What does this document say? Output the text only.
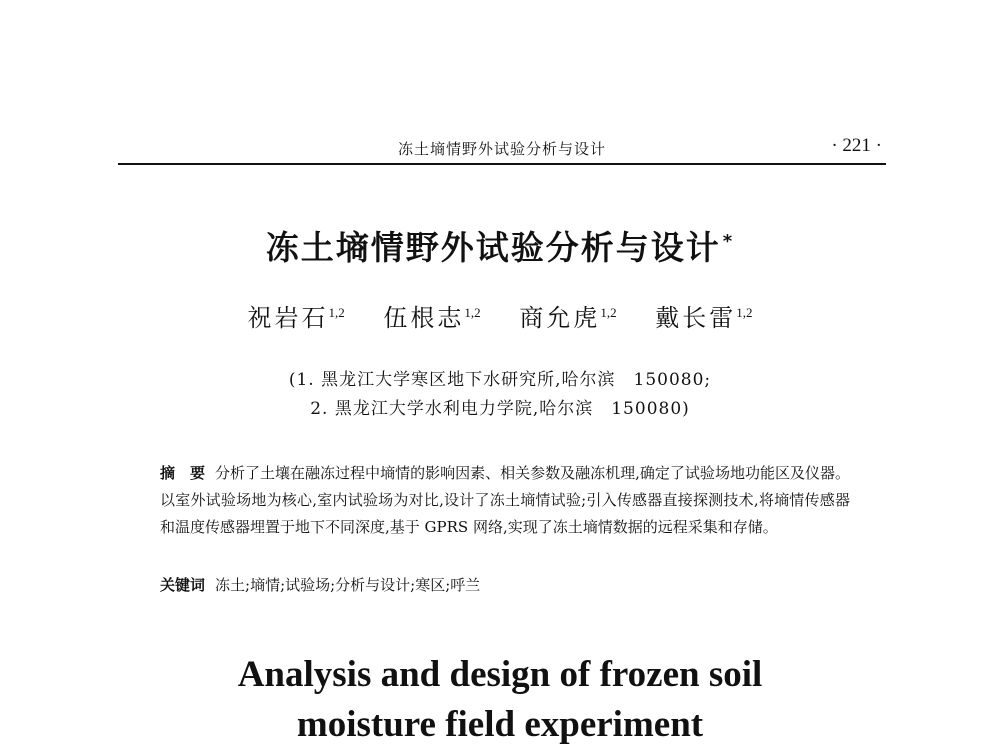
冻土墒情野外试验分析与设计	· 221 ·
冻土墒情野外试验分析与设计 *
祝岩石$^{1,2}$ 伍根志$^{1,2}$ 商允虎$^{1,2}$ 戴长雷$^{1,2}$
(1. 黑龙江大学寒区地下水研究所,哈尔滨　150080;
2. 黑龙江大学水利电力学院,哈尔滨　150080)
摘　要 分析了土壤在融冻过程中墒情的影响因素、相关参数及融冻机理,确定了试验场地功能区及仪器。以室外试验场地为核心,室内试验场为对比,设计了冻土墒情试验;引入传感器直接探测技术,将墒情传感器和温度传感器埋置于地下不同深度,基于 GPRS 网络,实现了冻土墒情数据的远程采集和存储。
关键词 冻土;墒情;试验场;分析与设计;寒区;呼兰
Analysis and design of frozen soil
moisture field experiment
